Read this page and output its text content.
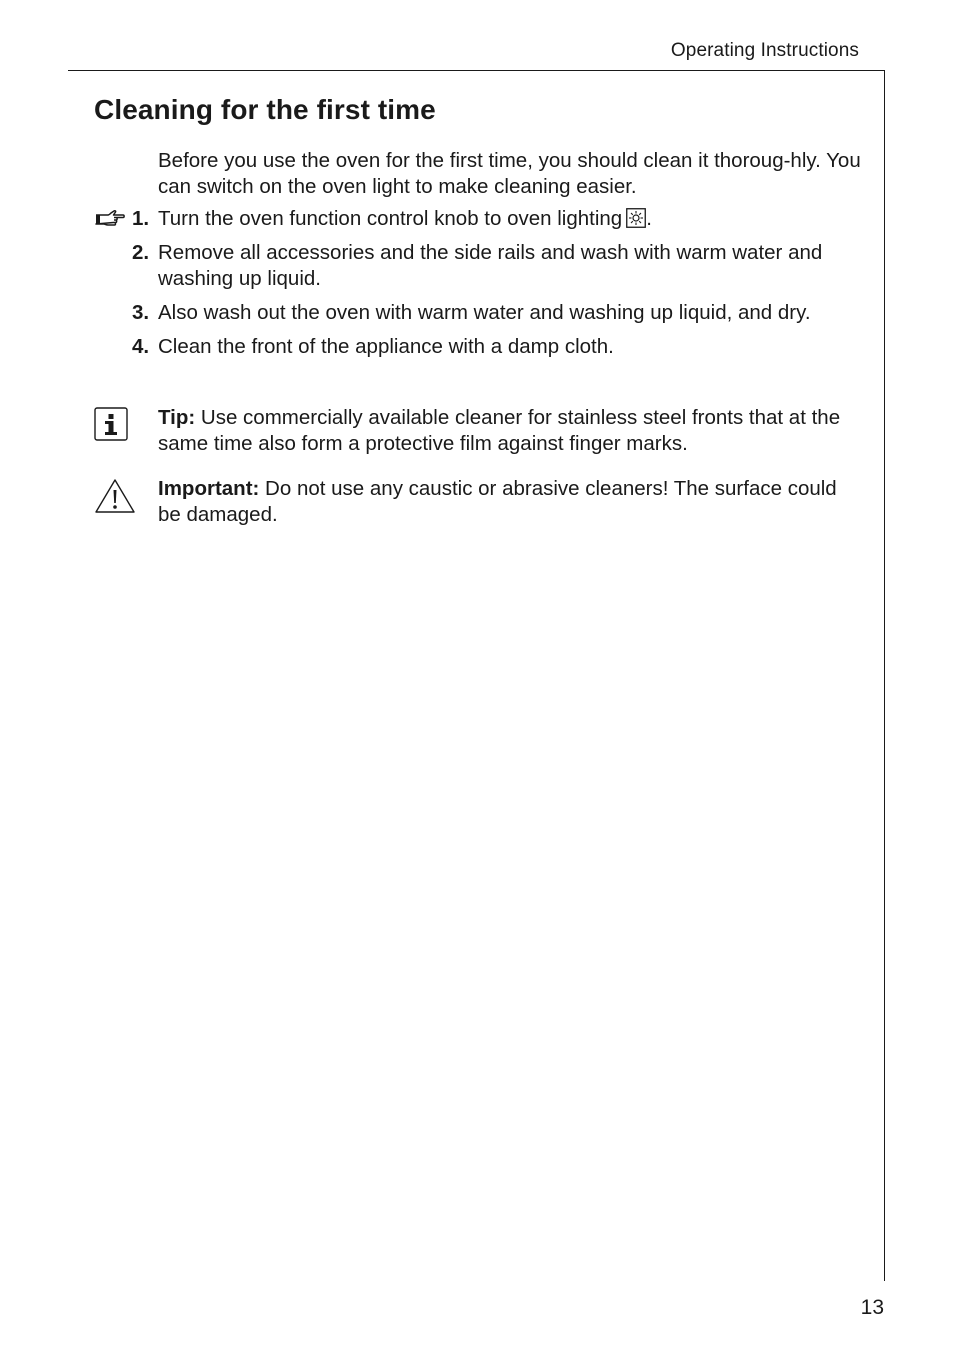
Operating Instructions
Cleaning for the first time

Before you use the oven for the first time, you should clean it thoroug-hly. You can switch on the oven light to make cleaning easier.

1. Turn the oven function control knob to oven lighting .
2. Remove all accessories and the side rails and wash with warm water and washing up liquid.
3. Also wash out the oven with warm water and washing up liquid, and dry.
4. Clean the front of the appliance with a damp cloth.
Tip: Use commercially available cleaner for stainless steel fronts that at the same time also form a protective film against finger marks.
Important: Do not use any caustic or abrasive cleaners! The surface could be damaged.
13
